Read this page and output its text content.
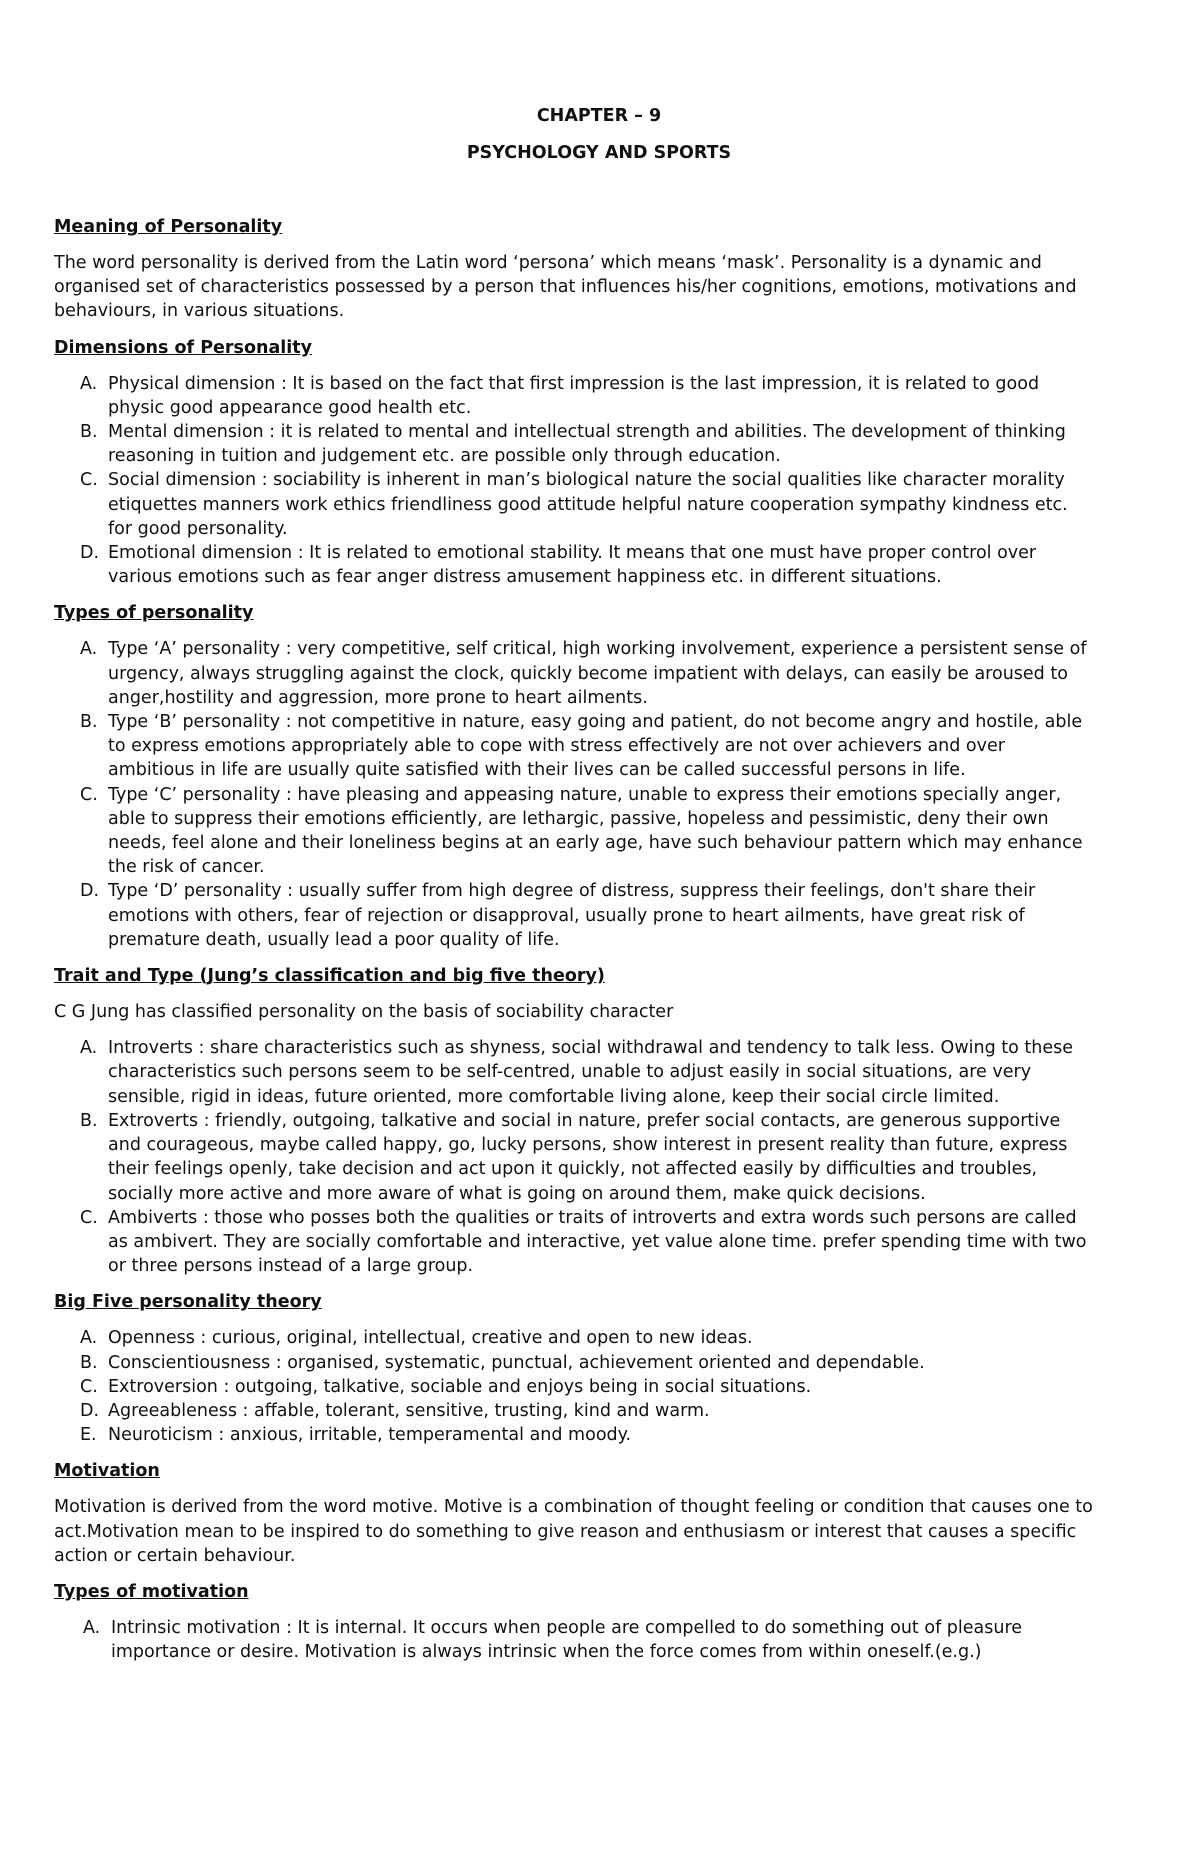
CHAPTER – 9

PSYCHOLOGY AND SPORTS

Meaning of Personality

The word personality is derived from the Latin word ‘persona’ which means ‘mask’. Personality is a dynamic and organised set of characteristics possessed by a person that influences his/her cognitions, emotions, motivations and behaviours, in various situations.

Dimensions of Personality

A. Physical dimension : It is based on the fact that first impression is the last impression, it is related to good physic good appearance good health etc.
B. Mental dimension : it is related to mental and intellectual strength and abilities. The development of thinking reasoning in tuition and judgement etc. are possible only through education.
C. Social dimension : sociability is inherent in man’s biological nature the social qualities like character morality etiquettes manners work ethics friendliness good attitude helpful nature cooperation sympathy kindness etc. for good personality.
D. Emotional dimension : It is related to emotional stability. It means that one must have proper control over various emotions such as fear anger distress amusement happiness etc. in different situations.

Types of personality

A. Type ‘A’ personality : very competitive, self critical, high working involvement, experience a persistent sense of urgency, always struggling against the clock, quickly become impatient with delays, can easily be aroused to anger,hostility and aggression, more prone to heart ailments.
B. Type ‘B’ personality : not competitive in nature, easy going and patient, do not become angry and hostile, able to express emotions appropriately able to cope with stress effectively are not over achievers and over ambitious in life are usually quite satisfied with their lives can be called successful persons in life.
C. Type ‘C’ personality : have pleasing and appeasing nature, unable to express their emotions specially anger, able to suppress their emotions efficiently, are lethargic, passive, hopeless and pessimistic, deny their own needs, feel alone and their loneliness begins at an early age, have such behaviour pattern which may enhance the risk of cancer.
D. Type ‘D’ personality : usually suffer from high degree of distress, suppress their feelings, don't share their emotions with others, fear of rejection or disapproval, usually prone to heart ailments, have great risk of premature death, usually lead a poor quality of life.

Trait and Type (Jung’s classification and big five theory)

C G Jung has classified personality on the basis of sociability character

A. Introverts : share characteristics such as shyness, social withdrawal and tendency to talk less. Owing to these characteristics such persons seem to be self-centred, unable to adjust easily in social situations, are very sensible, rigid in ideas, future oriented, more comfortable living alone, keep their social circle limited.
B. Extroverts : friendly, outgoing, talkative and social in nature, prefer social contacts, are generous supportive and courageous, maybe called happy, go, lucky persons, show interest in present reality than future, express their feelings openly, take decision and act upon it quickly, not affected easily by difficulties and troubles, socially more active and more aware of what is going on around them, make quick decisions.
C. Ambiverts : those who posses both the qualities or traits of introverts and extra words such persons are called as ambivert. They are socially comfortable and interactive, yet value alone time. prefer spending time with two or three persons instead of a large group.

Big Five personality theory

A. Openness : curious, original, intellectual, creative and open to new ideas.
B. Conscientiousness : organised, systematic, punctual, achievement oriented and dependable.
C. Extroversion : outgoing, talkative, sociable and enjoys being in social situations.
D. Agreeableness : affable, tolerant, sensitive, trusting, kind and warm.
E. Neuroticism : anxious, irritable, temperamental and moody.

Motivation

Motivation is derived from the word motive. Motive is a combination of thought feeling or condition that causes one to act.Motivation mean to be inspired to do something to give reason and enthusiasm or interest that causes a specific action or certain behaviour.

Types of motivation

A. Intrinsic motivation : It is internal. It occurs when people are compelled to do something out of pleasure importance or desire. Motivation is always intrinsic when the force comes from within oneself.(e.g.)
